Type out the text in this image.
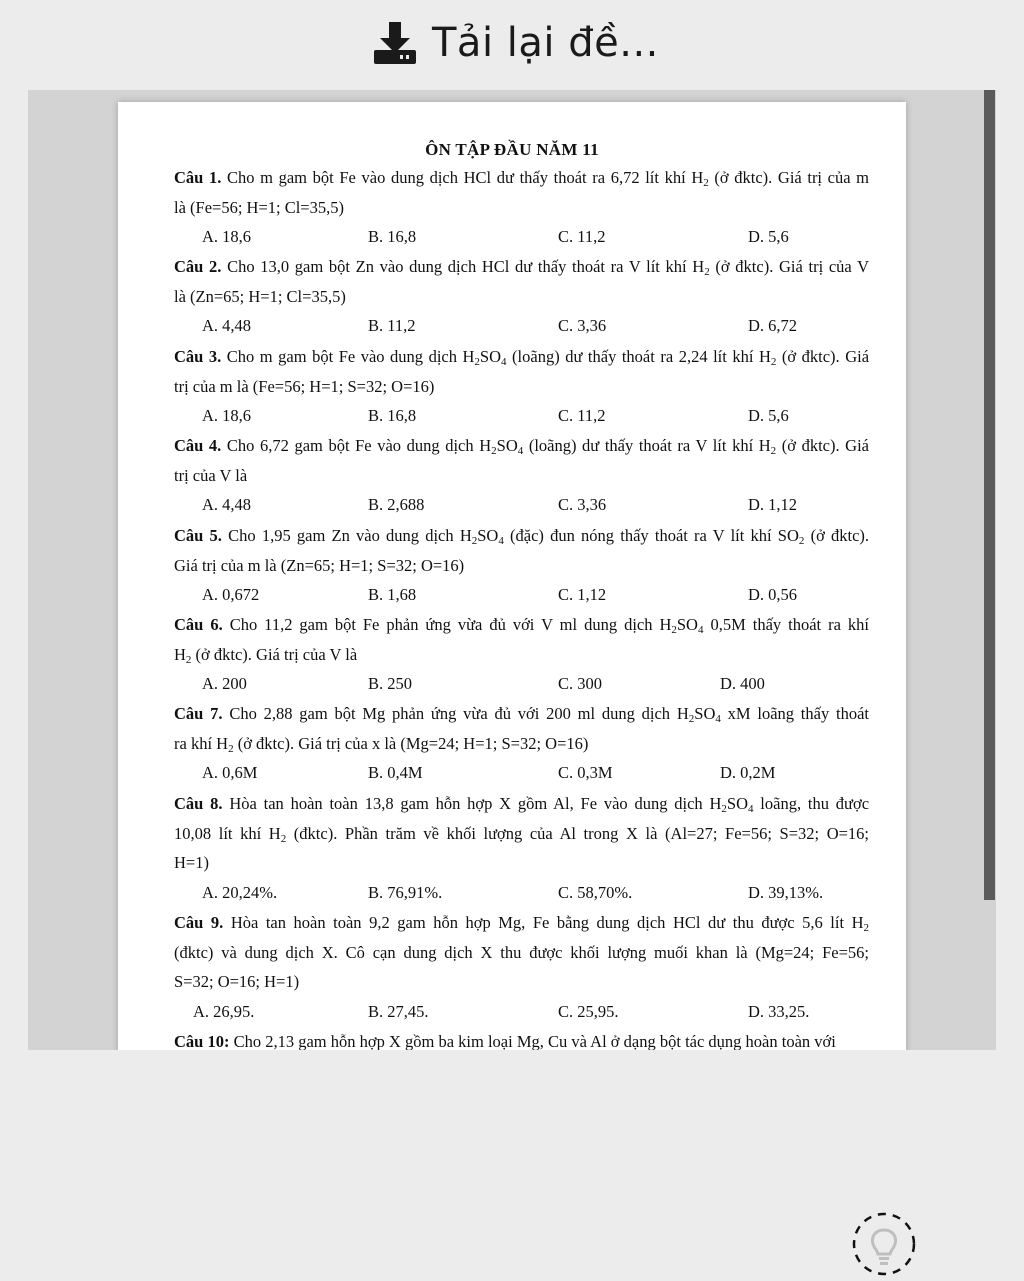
Tải lại đề...
ÔN TẬP ĐẦU NĂM 11
Câu 1. Cho m gam bột Fe vào dung dịch HCl dư thấy thoát ra 6,72 lít khí $H_2$ (ở đktc). Giá trị của m
là (Fe=56; H=1; Cl=35,5)
A. 18,6	B. 16,8	C. 11,2	D. 5,6
Câu 2. Cho 13,0 gam bột Zn vào dung dịch HCl dư thấy thoát ra V lít khí $H_2$ (ở đktc). Giá trị của V
là (Zn=65; H=1; Cl=35,5)
A. 4,48	B. 11,2	C. 3,36	D. 6,72
Câu 3. Cho m gam bột Fe vào dung dịch $H_2SO_4$ (loãng) dư thấy thoát ra 2,24 lít khí $H_2$ (ở đktc). Giá
trị của m là (Fe=56; H=1; S=32; O=16)
A. 18,6	B. 16,8	C. 11,2	D. 5,6
Câu 4. Cho 6,72 gam bột Fe vào dung dịch $H_2SO_4$ (loãng) dư thấy thoát ra V lít khí $H_2$ (ở đktc). Giá
trị của V là
A. 4,48	B. 2,688	C. 3,36	D. 1,12
Câu 5. Cho 1,95 gam Zn vào dung dịch $H_2SO_4$ (đặc) đun nóng thấy thoát ra V lít khí $SO_2$ (ở đktc).
Giá trị của m là (Zn=65; H=1; S=32; O=16)
A. 0,672	B. 1,68	C. 1,12	D. 0,56
Câu 6. Cho 11,2 gam bột Fe phản ứng vừa đủ với V ml dung dịch $H_2SO_4$ 0,5M thấy thoát ra khí
$H_2$ (ở đktc). Giá trị của V là
A. 200	B. 250	C. 300	D. 400
Câu 7. Cho 2,88 gam bột Mg phản ứng vừa đủ với 200 ml dung dịch $H_2SO_4$ xM loãng thấy thoát
ra khí $H_2$ (ở đktc). Giá trị của x là (Mg=24; H=1; S=32; O=16)
A. 0,6M	B. 0,4M	C. 0,3M	D. 0,2M
Câu 8. Hòa tan hoàn toàn 13,8 gam hỗn hợp X gồm Al, Fe vào dung dịch $H_2SO_4$ loãng, thu được
10,08 lít khí $H_2$ (đktc). Phần trăm về khối lượng của Al trong X là (Al=27; Fe=56; S=32; O=16;
H=1)
A. 20,24%.	B. 76,91%.	C. 58,70%.	D. 39,13%.
Câu 9. Hòa tan hoàn toàn 9,2 gam hỗn hợp Mg, Fe bằng dung dịch HCl dư thu được 5,6 lít $H_2$
(đktc) và dung dịch X. Cô cạn dung dịch X thu được khối lượng muối khan là (Mg=24; Fe=56;
S=32; O=16; H=1)
A. 26,95.	B. 27,45.	C. 25,95.	D. 33,25.
Câu 10: Cho 2,13 gam hỗn hợp X gồm ba kim loại Mg, Cu và Al ở dạng bột tác dụng hoàn toàn với
